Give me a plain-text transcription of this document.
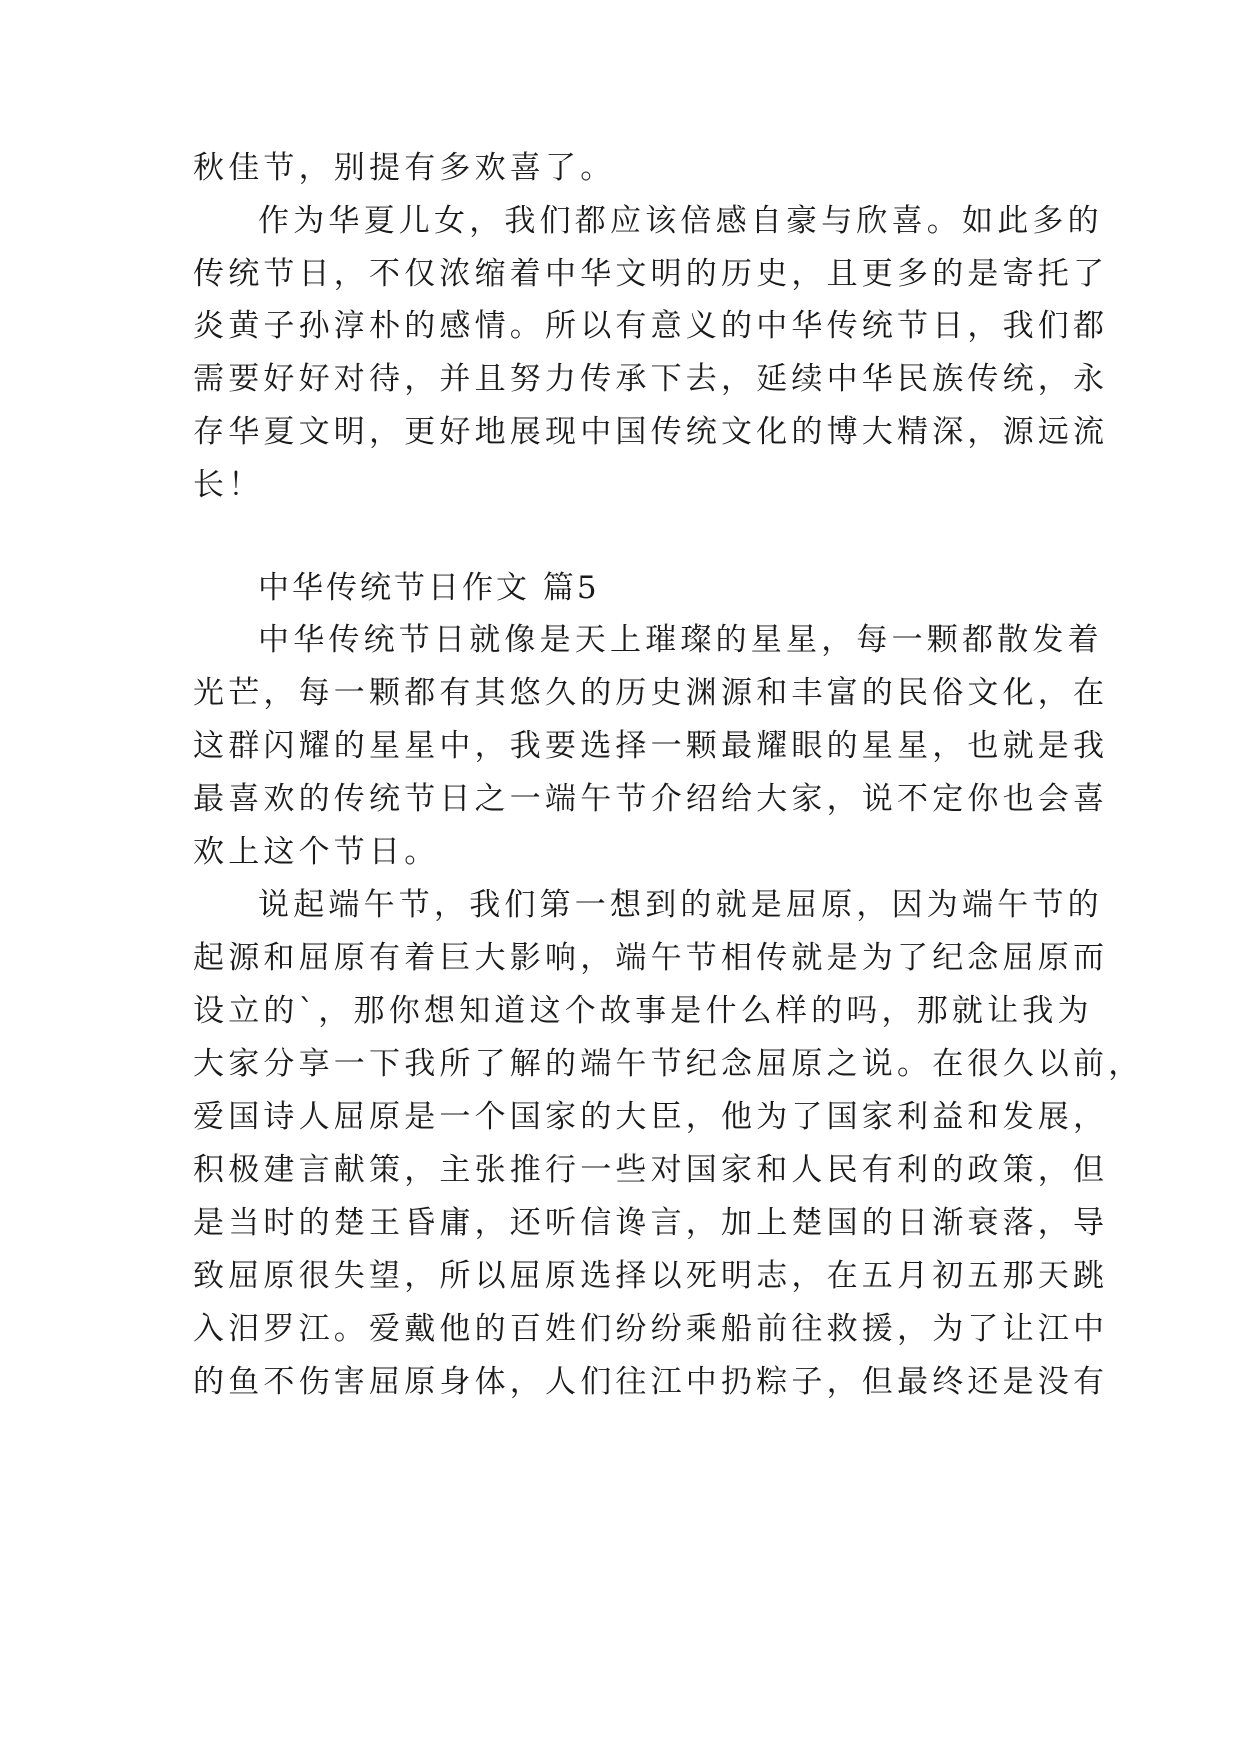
秋佳节，别提有多欢喜了。

作为华夏儿女，我们都应该倍感自豪与欣喜。如此多的

传统节日，不仅浓缩着中华文明的历史，且更多的是寄托了

炎黄子孙淳朴的感情。所以有意义的中华传统节日，我们都

需要好好对待，并且努力传承下去，延续中华民族传统，永

存华夏文明，更好地展现中国传统文化的博大精深，源远流

长！

中华传统节日作文 篇5

中华传统节日就像是天上璀璨的星星，每一颗都散发着

光芒，每一颗都有其悠久的历史渊源和丰富的民俗文化，在

这群闪耀的星星中，我要选择一颗最耀眼的星星，也就是我

最喜欢的传统节日之一端午节介绍给大家，说不定你也会喜

欢上这个节日。

说起端午节，我们第一想到的就是屈原，因为端午节的

起源和屈原有着巨大影响，端午节相传就是为了纪念屈原而

设立的`，那你想知道这个故事是什么样的吗，那就让我为

大家分享一下我所了解的端午节纪念屈原之说。在很久以前，

爱国诗人屈原是一个国家的大臣，他为了国家利益和发展，

积极建言献策，主张推行一些对国家和人民有利的政策，但

是当时的楚王昏庸，还听信谗言，加上楚国的日渐衰落，导

致屈原很失望，所以屈原选择以死明志，在五月初五那天跳

入汨罗江。爱戴他的百姓们纷纷乘船前往救援，为了让江中

的鱼不伤害屈原身体，人们往江中扔粽子，但最终还是没有
